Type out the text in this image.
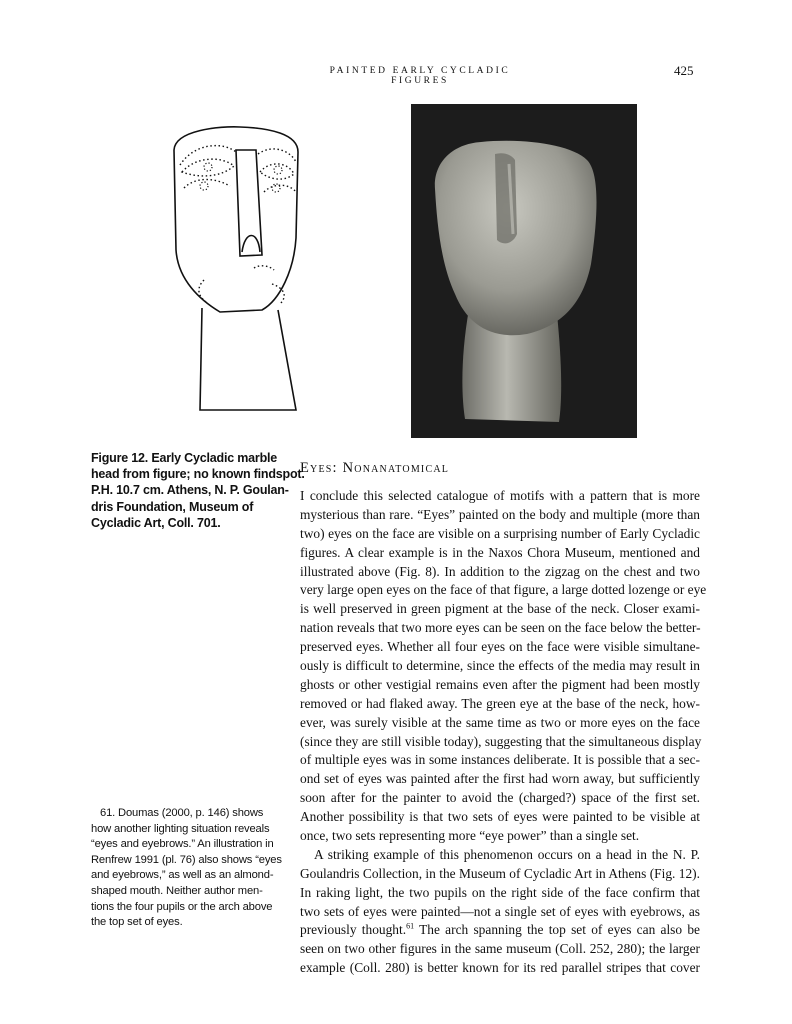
PAINTED EARLY CYCLADIC FIGURES
425
Figure 12. Early Cycladic marble
head from figure; no known findspot.
P.H. 10.7 cm. Athens, N. P. Goulan-
dris Foundation, Museum of
Cycladic Art, Coll. 701.
Eyes: Nonanatomical
I conclude this selected catalogue of motifs with a pattern that is more
mysterious than rare. “Eyes” painted on the body and multiple (more than
two) eyes on the face are visible on a surprising number of Early Cycladic
figures. A clear example is in the Naxos Chora Museum, mentioned and
illustrated above (Fig. 8). In addition to the zigzag on the chest and two
very large open eyes on the face of that figure, a large dotted lozenge or eye
is well preserved in green pigment at the base of the neck. Closer exami-
nation reveals that two more eyes can be seen on the face below the better-
preserved eyes. Whether all four eyes on the face were visible simultane-
ously is difficult to determine, since the effects of the media may result in
ghosts or other vestigial remains even after the pigment had been mostly
removed or had flaked away. The green eye at the base of the neck, how-
ever, was surely visible at the same time as two or more eyes on the face
(since they are still visible today), suggesting that the simultaneous display
of multiple eyes was in some instances deliberate. It is possible that a sec-
ond set of eyes was painted after the first had worn away, but sufficiently
soon after for the painter to avoid the (charged?) space of the first set.
Another possibility is that two sets of eyes were painted to be visible at
once, two sets representing more “eye power” than a single set.
A striking example of this phenomenon occurs on a head in the N. P.
Goulandris Collection, in the Museum of Cycladic Art in Athens (Fig. 12).
In raking light, the two pupils on the right side of the face confirm that
two sets of eyes were painted—not a single set of eyes with eyebrows, as
previously thought.$^{61}$ The arch spanning the top set of eyes can also be
seen on two other figures in the same museum (Coll. 252, 280); the larger
example (Coll. 280) is better known for its red parallel stripes that cover
61. Doumas (2000, p. 146) shows
how another lighting situation reveals
“eyes and eyebrows.” An illustration in
Renfrew 1991 (pl. 76) also shows “eyes
and eyebrows,” as well as an almond-
shaped mouth. Neither author men-
tions the four pupils or the arch above
the top set of eyes.
